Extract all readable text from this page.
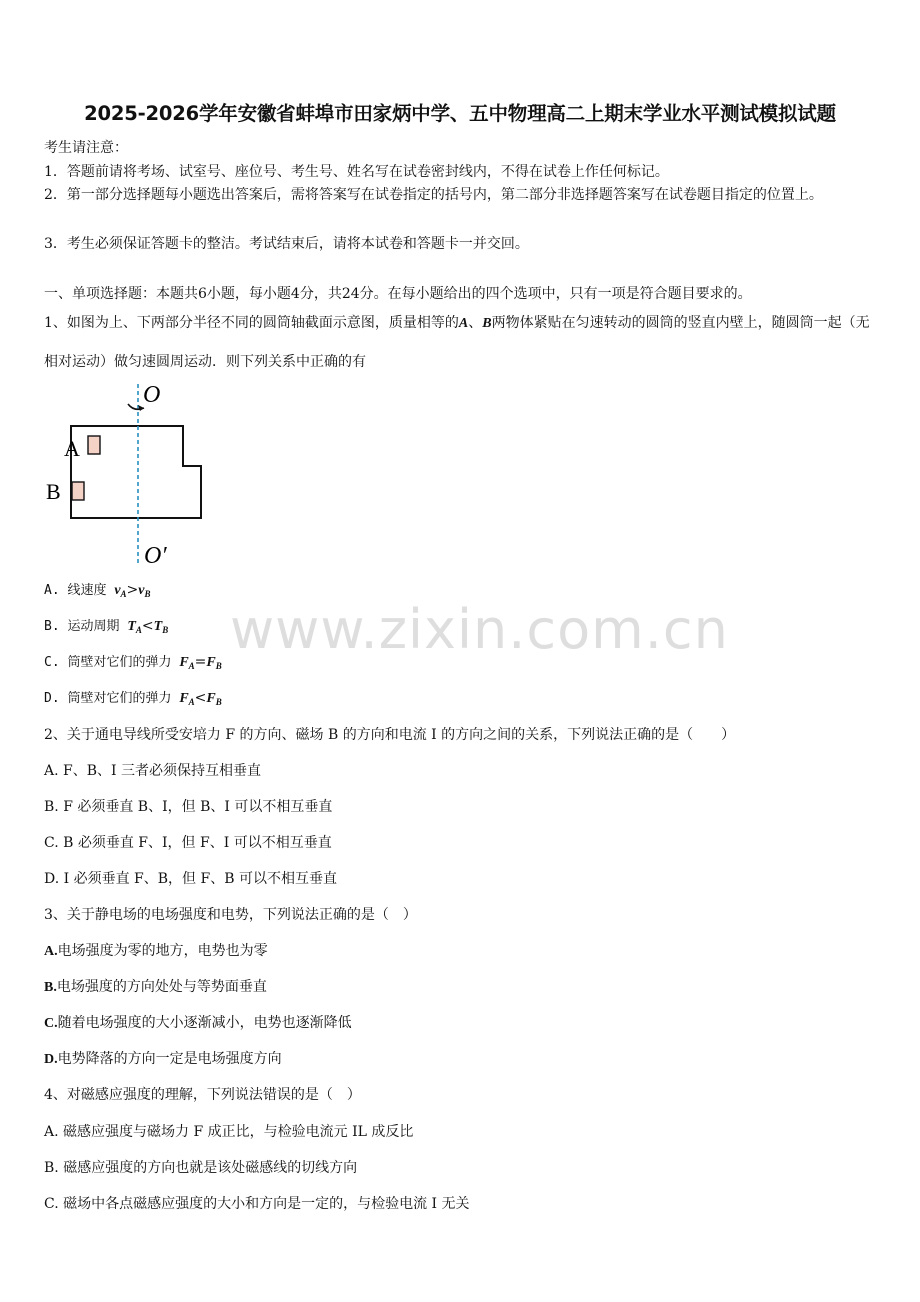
2025-2026学年安徽省蚌埠市田家炳中学、五中物理高二上期末学业水平测试模拟试题
考生请注意：
1．答题前请将考场、试室号、座位号、考生号、姓名写在试卷密封线内，不得在试卷上作任何标记。
2．第一部分选择题每小题选出答案后，需将答案写在试卷指定的括号内，第二部分非选择题答案写在试卷题目指定的位置上。
3．考生必须保证答题卡的整洁。考试结束后，请将本试卷和答题卡一并交回。
一、单项选择题：本题共6小题，每小题4分，共24分。在每小题给出的四个选项中，只有一项是符合题目要求的。
1、如图为上、下两部分半径不同的圆筒轴截面示意图，质量相等的A、B两物体紧贴在匀速转动的圆筒的竖直内壁上，随圆筒一起（无相对运动）做匀速圆周运动．则下列关系中正确的有
A
B
O
O′
A. 线速度 $v_A>v_B$
B. 运动周期 $T_A<T_B$
C. 筒壁对它们的弹力 $F_A=F_B$
D. 筒壁对它们的弹力 $F_A<F_B$
www.zixin.com.cn
2、关于通电导线所受安培力 F 的方向、磁场 B 的方向和电流 I 的方向之间的关系，下列说法正确的是（　　）
A. F、B、I 三者必须保持互相垂直
B. F 必须垂直 B、I，但 B、I 可以不相互垂直
C. B 必须垂直 F、I，但 F、I 可以不相互垂直
D. I 必须垂直 F、B，但 F、B 可以不相互垂直
3、关于静电场的电场强度和电势，下列说法正确的是（　）
A.电场强度为零的地方，电势也为零
B.电场强度的方向处处与等势面垂直
C.随着电场强度的大小逐渐减小，电势也逐渐降低
D.电势降落的方向一定是电场强度方向
4、对磁感应强度的理解，下列说法错误的是（　）
A. 磁感应强度与磁场力 F 成正比，与检验电流元 IL 成反比
B. 磁感应强度的方向也就是该处磁感线的切线方向
C. 磁场中各点磁感应强度的大小和方向是一定的，与检验电流 I 无关
